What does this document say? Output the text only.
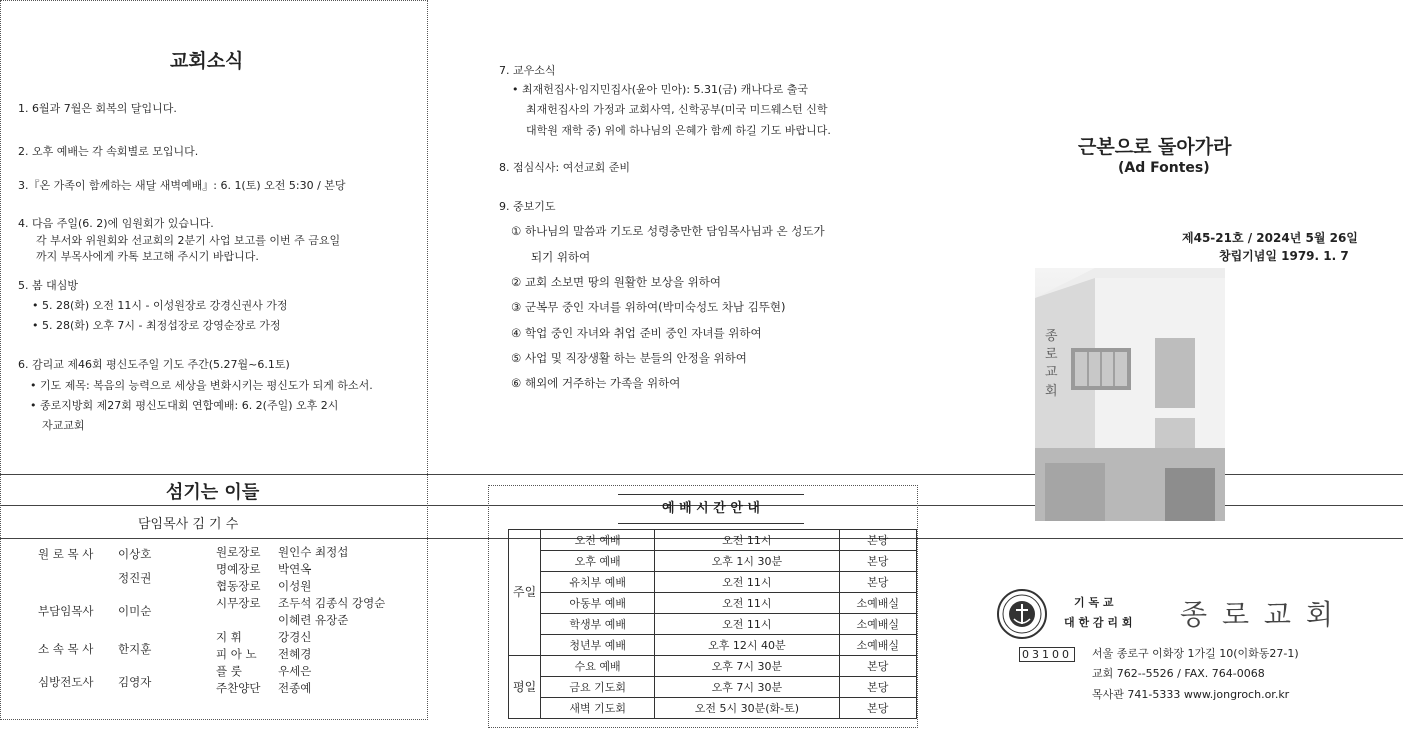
교회소식
1. 6월과 7월은 회복의 달입니다.
2. 오후 예배는 각 속회별로 모입니다.
3.『온 가족이 함께하는 새달 새벽예배』: 6. 1(토) 오전 5:30 / 본당
4. 다음 주일(6. 2)에 임원회가 있습니다.
각 부서와 위원회와 선교회의 2분기 사업 보고를 이번 주 금요일
까지 부목사에게 카톡 보고해 주시기 바랍니다.
5. 봄 대심방
• 5. 28(화) 오전 11시 - 이성원장로 강경신권사 가정
• 5. 28(화) 오후 7시 - 최정섭장로 강영순장로 가정
6. 감리교 제46회 평신도주일 기도 주간(5.27월~6.1토)
• 기도 제목: 복음의 능력으로 세상을 변화시키는 평신도가 되게 하소서.
• 종로지방회 제27회 평신도대회 연합예배: 6. 2(주일) 오후 2시
자교교회
섬기는 이들
담임목사 김 기 수
원 로 목 사 이상호
정진권
부담임목사 이미순
소 속 목 사 한지훈
심방전도사 김영자
원로장로 원인수 최정섭
명예장로 박연옥
협동장로 이성원
시무장로 조두석 김종식 강영순
이혜련 유장준
지 휘	강경신
피 아 노 전혜경
플 룻	우세은
주찬양단 전종예
7. 교우소식
• 최재헌집사·임지민집사(윤아 민아): 5.31(금) 캐나다로 출국
최재헌집사의 가정과 교회사역, 신학공부(미국 미드웨스턴 신학
대학원 재학 중) 위에 하나님의 은혜가 함께 하길 기도 바랍니다.
8. 점심식사: 여선교회 준비
9. 중보기도
① 하나님의 말씀과 기도로 성령충만한 담임목사님과 온 성도가
되기 위하여
② 교회 소보면 땅의 원활한 보상을 위하여
③ 군복무 중인 자녀를 위하여(박미숙성도 차남 김뚜현)
④ 학업 중인 자녀와 취업 준비 중인 자녀를 위하여
⑤ 사업 및 직장생활 하는 분들의 안정을 위하여
⑥ 해외에 거주하는 가족을 위하여
예 배 시 간 안 내
주일	오전 예배	오전 11시	본당
	오후 예배	오후 1시 30분	본당
	유치부 예배	오전 11시	본당
	아동부 예배	오전 11시	소예배실
	학생부 예배	오전 11시	소예배실
	청년부 예배	오후 12시 40분	소예배실
평일	수요 예배	오후 7시 30분	본당
	금요 기도회	오후 7시 30분	본당
	새벽 기도회	오전 5시 30분(화-토)	본당
근본으로 돌아가라
(Ad Fontes)
제45-21호 / 2024년 5월 26일
창립기념일 1979. 1. 7
종로교회
기 독 교
대 한 감 리 회 종 로 교 회
03100 서울 종로구 이화장 1가길 10(이화동27-1)
교회 762--5526 / FAX. 764-0068
목사관 741-5333 www.jongroch.or.kr
